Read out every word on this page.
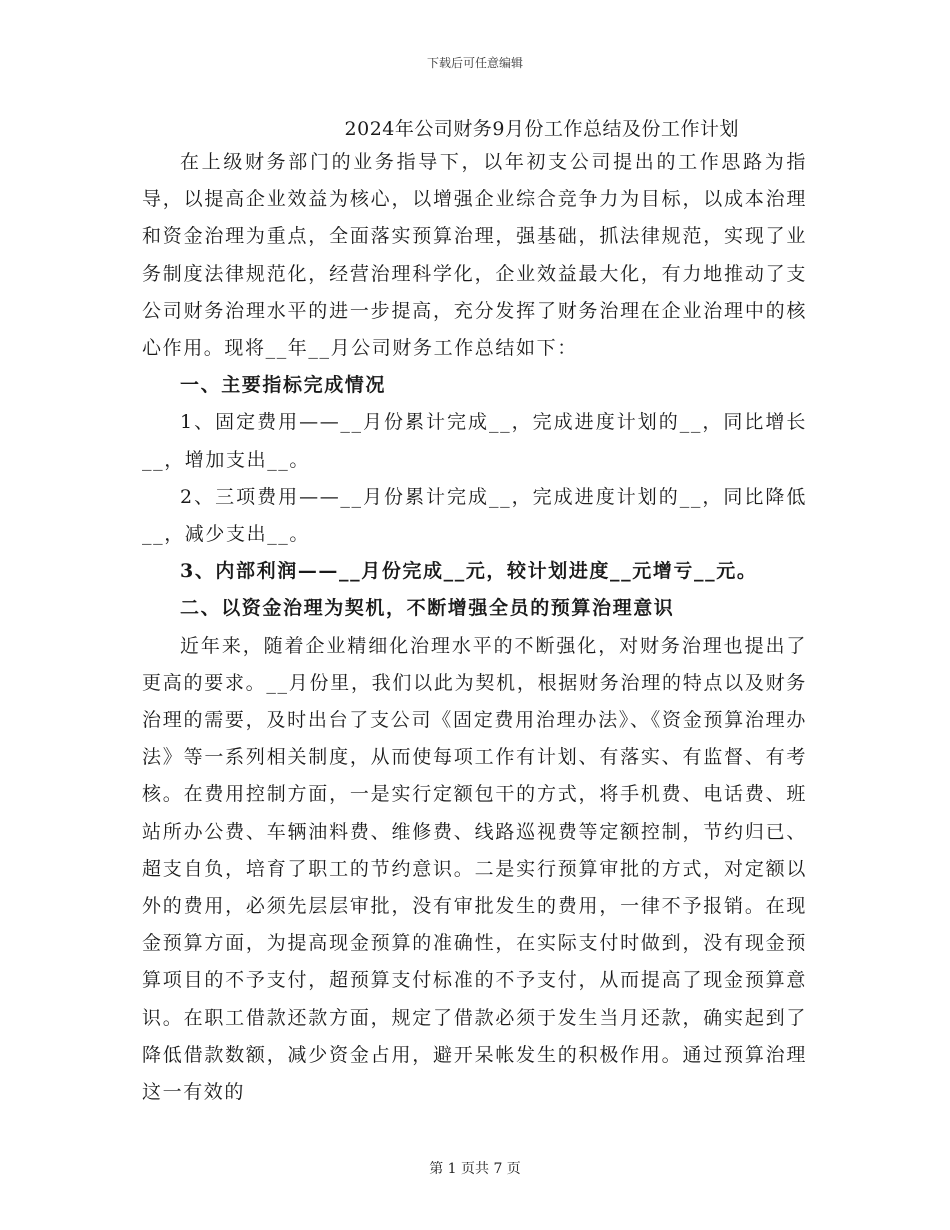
下载后可任意编辑
2024年公司财务9月份工作总结及份工作计划

在上级财务部门的业务指导下，以年初支公司提出的工作思路为指导，以提高企业效益为核心，以增强企业综合竞争力为目标，以成本治理和资金治理为重点，全面落实预算治理，强基础，抓法律规范，实现了业务制度法律规范化，经营治理科学化，企业效益最大化，有力地推动了支公司财务治理水平的进一步提高，充分发挥了财务治理在企业治理中的核心作用。现将__年__月公司财务工作总结如下：

一、主要指标完成情况

1、固定费用——__月份累计完成__，完成进度计划的__，同比增长__，增加支出__。

2、三项费用——__月份累计完成__，完成进度计划的__，同比降低__，减少支出__。

3、内部利润——__月份完成__元，较计划进度__元增亏__元。

二、以资金治理为契机，不断增强全员的预算治理意识

近年来，随着企业精细化治理水平的不断强化，对财务治理也提出了更高的要求。__月份里，我们以此为契机，根据财务治理的特点以及财务治理的需要，及时出台了支公司《固定费用治理办法》、《资金预算治理办法》等一系列相关制度，从而使每项工作有计划、有落实、有监督、有考核。在费用控制方面，一是实行定额包干的方式，将手机费、电话费、班站所办公费、车辆油料费、维修费、线路巡视费等定额控制，节约归已、超支自负，培育了职工的节约意识。二是实行预算审批的方式，对定额以外的费用，必须先层层审批，没有审批发生的费用，一律不予报销。在现金预算方面，为提高现金预算的准确性，在实际支付时做到，没有现金预算项目的不予支付，超预算支付标准的不予支付，从而提高了现金预算意识。在职工借款还款方面，规定了借款必须于发生当月还款，确实起到了降低借款数额，减少资金占用，避开呆帐发生的积极作用。通过预算治理这一有效的

第 1 页共 7 页
